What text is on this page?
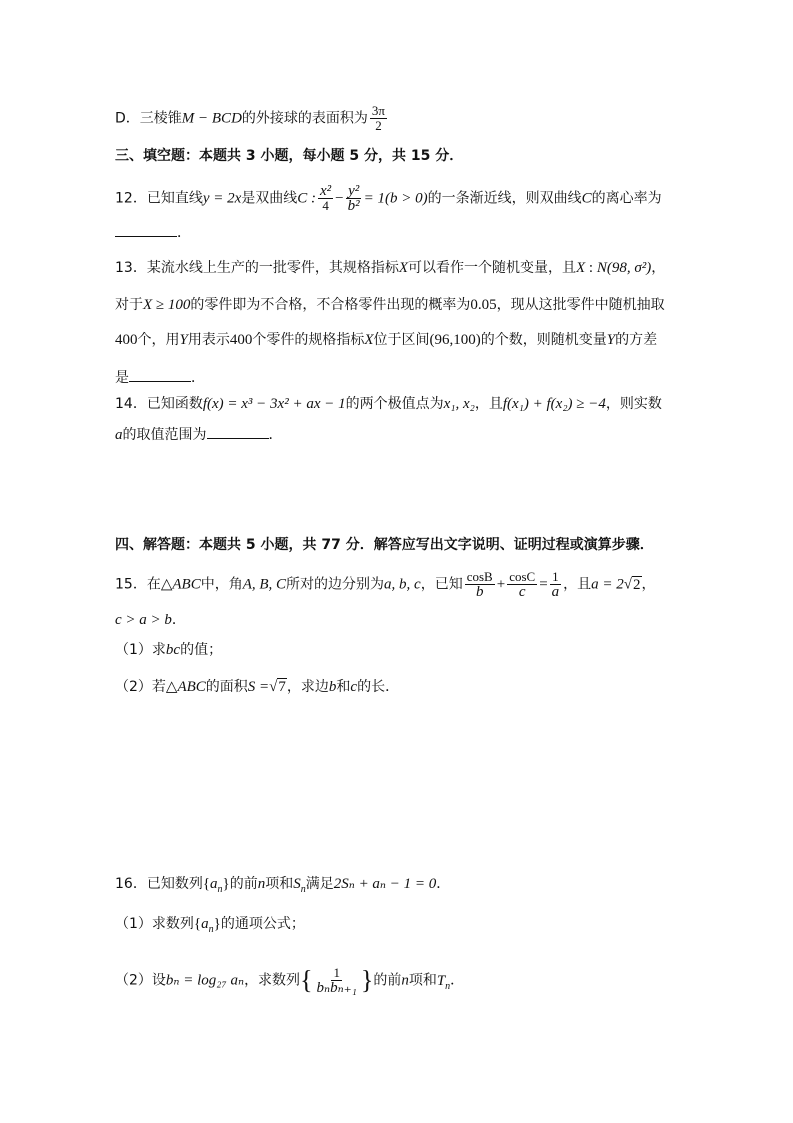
D．三棱锥M − BCD的外接球的表面积为 $\frac{3\pi}{2}$
三、填空题：本题共 3 小题，每小题 5 分，共 15 分．
12．已知直线y = 2x是双曲线C : $\frac{\text{x²}}{4} - \frac{\text{y²}}{\text{b²}} = 1(b > 0)$的一条渐近线，则双曲线C的离心率为
．
13．某流水线上生产的一批零件，其规格指标X可以看作一个随机变量，且X : N(98, σ²)，
对于X ≥ 100的零件即为不合格，不合格零件出现的概率为0.05，现从这批零件中随机抽取
400个，用Y用表示400个零件的规格指标X位于区间(96,100)的个数，则随机变量Y的方差
是	．
14．已知函数f(x) = x³ − 3x² + ax − 1的两个极值点为x₁, x₂，且f(x₁) + f(x₂) ≥ −4，则实数
a的取值范围为	．
四、解答题：本题共 5 小题，共 77 分．解答应写出文字说明、证明过程或演算步骤．
15．在△ABC中，角A, B, C所对的边分别为a, b, c，已知 $\frac{\cos B}{b} + \frac{\cos C}{c} = \frac{1}{a}$ ，且a = 2√2，
c > a > b．
（1）求bc的值；
（2）若△ABC的面积S =√7，求边b和c的长．
16．已知数列$\{a_n\}$的前n项和$S_n$满足2Sₙ + aₙ − 1 = 0．
（1）求数列$\{a_n\}$的通项公式；
（2）设bₙ = log₂₇ aₙ，求数列{ $\frac{1}{\text{bₙbₙ₊₁}}$ }的前n项和$T_n$．
